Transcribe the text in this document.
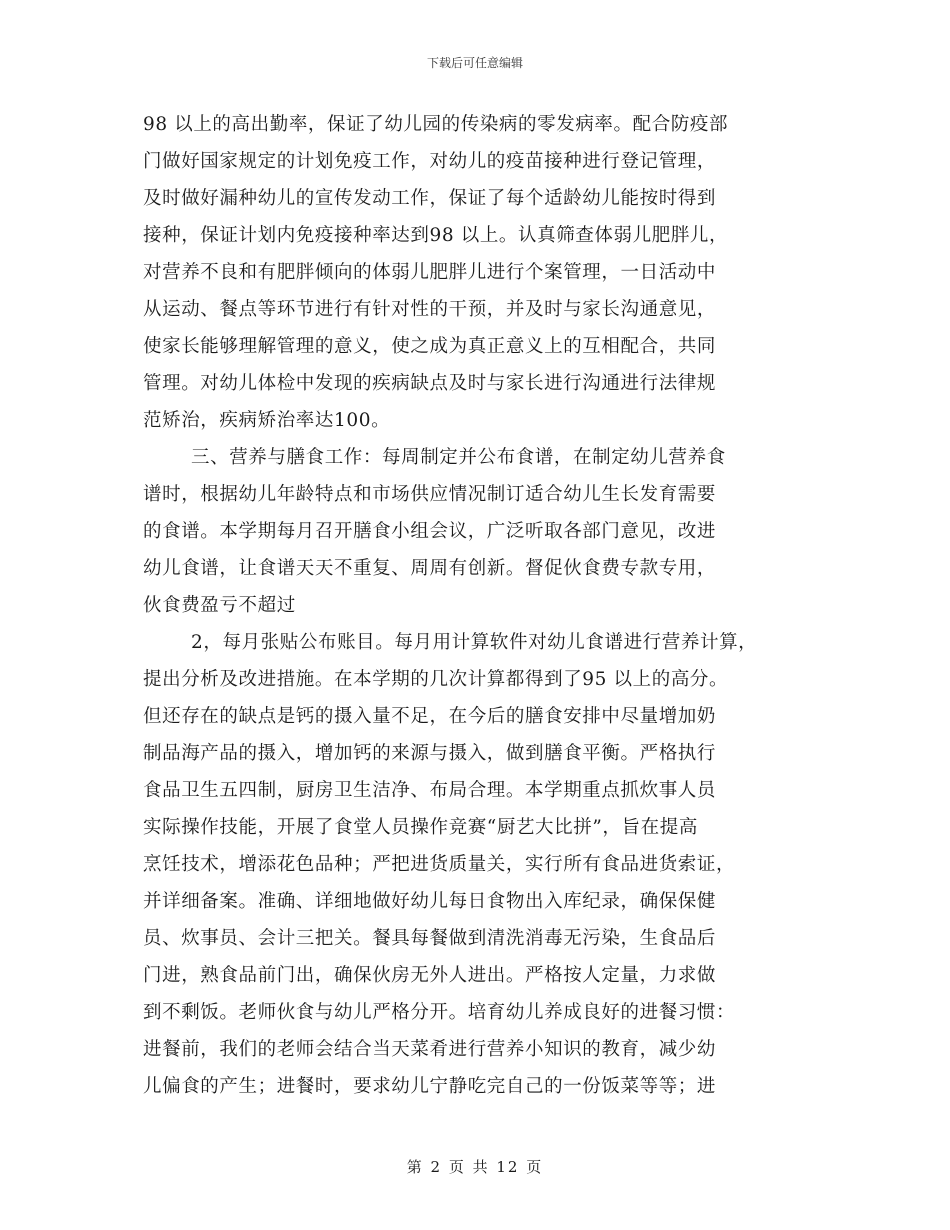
下载后可任意编辑
98 以上的高出勤率，保证了幼儿园的传染病的零发病率。配合防疫部
门做好国家规定的计划免疫工作，对幼儿的疫苗接种进行登记管理，
及时做好漏种幼儿的宣传发动工作，保证了每个适龄幼儿能按时得到
接种，保证计划内免疫接种率达到98 以上。认真筛查体弱儿肥胖儿，
对营养不良和有肥胖倾向的体弱儿肥胖儿进行个案管理，一日活动中
从运动、餐点等环节进行有针对性的干预，并及时与家长沟通意见，
使家长能够理解管理的意义，使之成为真正意义上的互相配合，共同
管理。对幼儿体检中发现的疾病缺点及时与家长进行沟通进行法律规
范矫治，疾病矫治率达100。
三、营养与膳食工作：每周制定并公布食谱，在制定幼儿营养食
谱时，根据幼儿年龄特点和市场供应情况制订适合幼儿生长发育需要
的食谱。本学期每月召开膳食小组会议，广泛听取各部门意见，改进
幼儿食谱，让食谱天天不重复、周周有创新。督促伙食费专款专用，
伙食费盈亏不超过
2，每月张贴公布账目。每月用计算软件对幼儿食谱进行营养计算，
提出分析及改进措施。在本学期的几次计算都得到了95 以上的高分。
但还存在的缺点是钙的摄入量不足，在今后的膳食安排中尽量增加奶
制品海产品的摄入，增加钙的来源与摄入，做到膳食平衡。严格执行
食品卫生五四制，厨房卫生洁净、布局合理。本学期重点抓炊事人员
实际操作技能，开展了食堂人员操作竞赛“厨艺大比拼”，旨在提高
烹饪技术，增添花色品种；严把进货质量关，实行所有食品进货索证，
并详细备案。准确、详细地做好幼儿每日食物出入库纪录，确保保健
员、炊事员、会计三把关。餐具每餐做到清洗消毒无污染，生食品后
门进，熟食品前门出，确保伙房无外人进出。严格按人定量，力求做
到不剩饭。老师伙食与幼儿严格分开。培育幼儿养成良好的进餐习惯：
进餐前，我们的老师会结合当天菜肴进行营养小知识的教育，减少幼
儿偏食的产生；进餐时，要求幼儿宁静吃完自己的一份饭菜等等；进
第 2 页 共 12 页
